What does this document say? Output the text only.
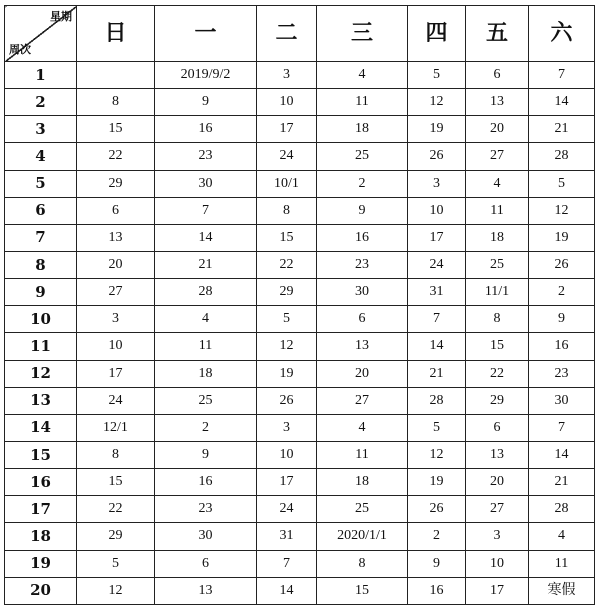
星期
周次	日	一	二	三	四	五	六
1		2019/9/2	3	4	5	6	7
2	8	9	10	11	12	13	14
3	15	16	17	18	19	20	21
4	22	23	24	25	26	27	28
5	29	30	10/1	2	3	4	5
6	6	7	8	9	10	11	12
7	13	14	15	16	17	18	19
8	20	21	22	23	24	25	26
9	27	28	29	30	31	11/1	2
10	3	4	5	6	7	8	9
11	10	11	12	13	14	15	16
12	17	18	19	20	21	22	23
13	24	25	26	27	28	29	30
14	12/1	2	3	4	5	6	7
15	8	9	10	11	12	13	14
16	15	16	17	18	19	20	21
17	22	23	24	25	26	27	28
18	29	30	31	2020/1/1	2	3	4
19	5	6	7	8	9	10	11
20	12	13	14	15	16	17	寒假
